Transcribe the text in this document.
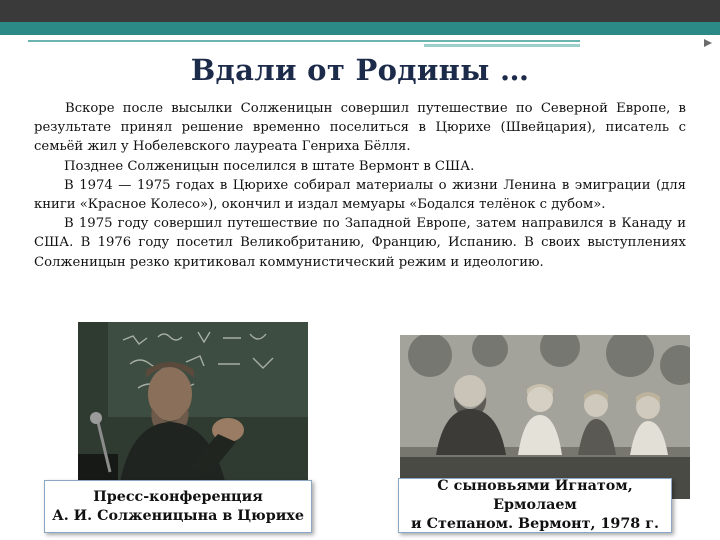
Вдали от Родины …

Вскоре после высылки Солженицын совершил путешествие по Северной Европе, в результате принял решение временно поселиться в Цюрихе (Швейцария), писатель с семьёй жил у Нобелевского лауреата Генриха Бёлля.

Позднее Солженицын поселился в штате Вермонт в США.

В 1974 — 1975 годах в Цюрихе собирал материалы о жизни Ленина в эмиграции (для книги «Красное Колесо»), окончил и издал мемуары «Бодался телёнок с дубом».

В 1975 году совершил путешествие по Западной Европе, затем направился в Канаду и США. В 1976 году посетил Великобританию, Францию, Испанию. В своих выступлениях Солженицын резко критиковал коммунистический режим и идеологию.

Пресс-конференция
А. И. Солженицына в Цюрихе
С сыновьями Игнатом, Ермолаем
и Степаном. Вермонт, 1978 г.
